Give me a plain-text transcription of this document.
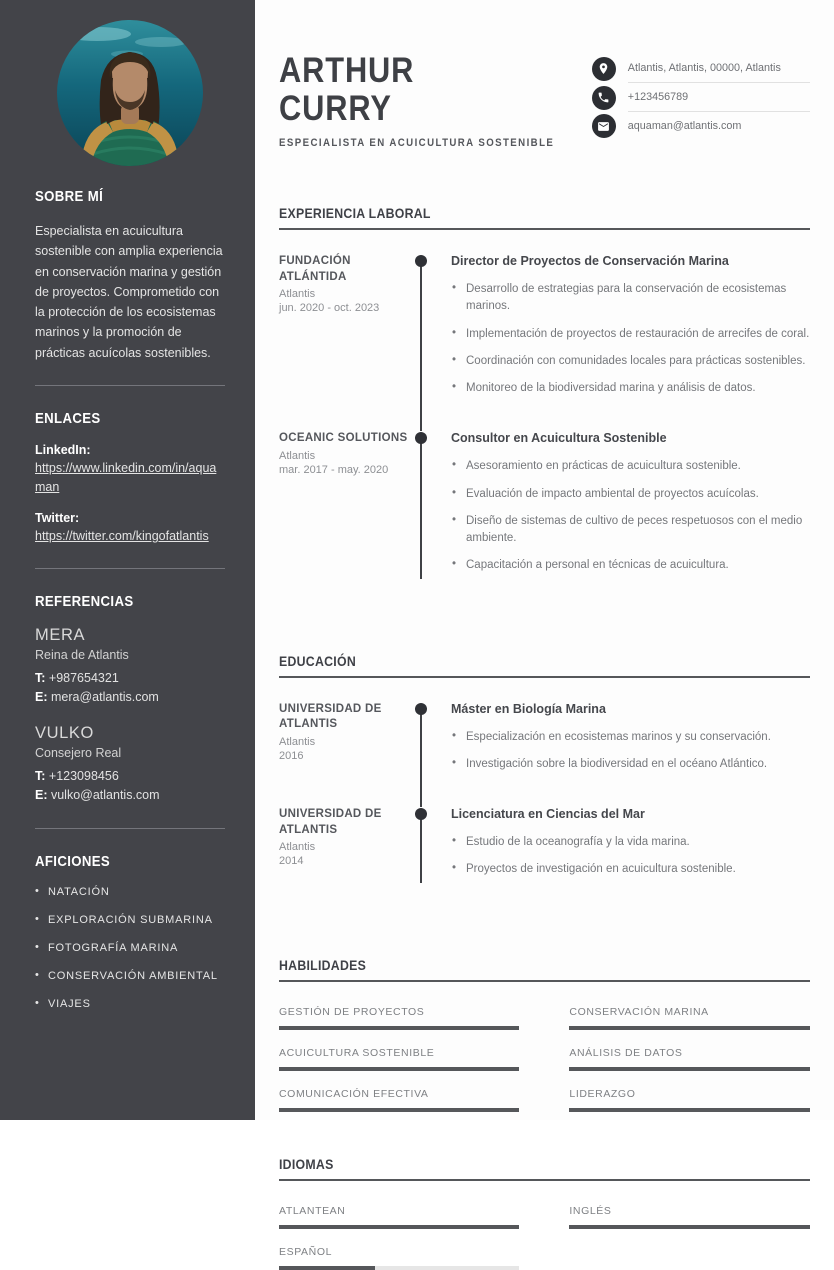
SOBRE MÍ

Especialista en acuicultura sostenible con amplia experiencia en conservación marina y gestión de proyectos. Comprometido con la protección de los ecosistemas marinos y la promoción de prácticas acuícolas sostenibles.

ENLACES
LinkedIn:
https://www.linkedin.com/in/aquaman
Twitter:
https://twitter.com/kingofatlantis
REFERENCIAS
MERA
Reina de Atlantis
T: +987654321
E: mera@atlantis.com
VULKO
Consejero Real
T: +123098456
E: vulko@atlantis.com
AFICIONES
• NATACIÓN
• EXPLORACIÓN SUBMARINA
• FOTOGRAFÍA MARINA
• CONSERVACIÓN AMBIENTAL
• VIAJES
ARTHUR
CURRY
ESPECIALISTA EN ACUICULTURA SOSTENIBLE
Atlantis, Atlantis, 00000, Atlantis
+123456789
aquaman@atlantis.com
EXPERIENCIA LABORAL
FUNDACIÓN ATLÁNTIDA
Atlantis
jun. 2020 - oct. 2023
Director de Proyectos de Conservación Marina
• Desarrollo de estrategias para la conservación de ecosistemas marinos.
• Implementación de proyectos de restauración de arrecifes de coral.
• Coordinación con comunidades locales para prácticas sostenibles.
• Monitoreo de la biodiversidad marina y análisis de datos.
OCEANIC SOLUTIONS
Atlantis
mar. 2017 - may. 2020
Consultor en Acuicultura Sostenible
• Asesoramiento en prácticas de acuicultura sostenible.
• Evaluación de impacto ambiental de proyectos acuícolas.
• Diseño de sistemas de cultivo de peces respetuosos con el medio ambiente.
• Capacitación a personal en técnicas de acuicultura.
EDUCACIÓN
UNIVERSIDAD DE ATLANTIS
Atlantis
2016
Máster en Biología Marina
• Especialización en ecosistemas marinos y su conservación.
• Investigación sobre la biodiversidad en el océano Atlántico.
UNIVERSIDAD DE ATLANTIS
Atlantis
2014
Licenciatura en Ciencias del Mar
• Estudio de la oceanografía y la vida marina.
• Proyectos de investigación en acuicultura sostenible.
HABILIDADES
GESTIÓN DE PROYECTOS	CONSERVACIÓN MARINA
ACUICULTURA SOSTENIBLE	ANÁLISIS DE DATOS
COMUNICACIÓN EFECTIVA	LIDERAZGO
IDIOMAS
ATLANTEAN	INGLÉS
ESPAÑOL
